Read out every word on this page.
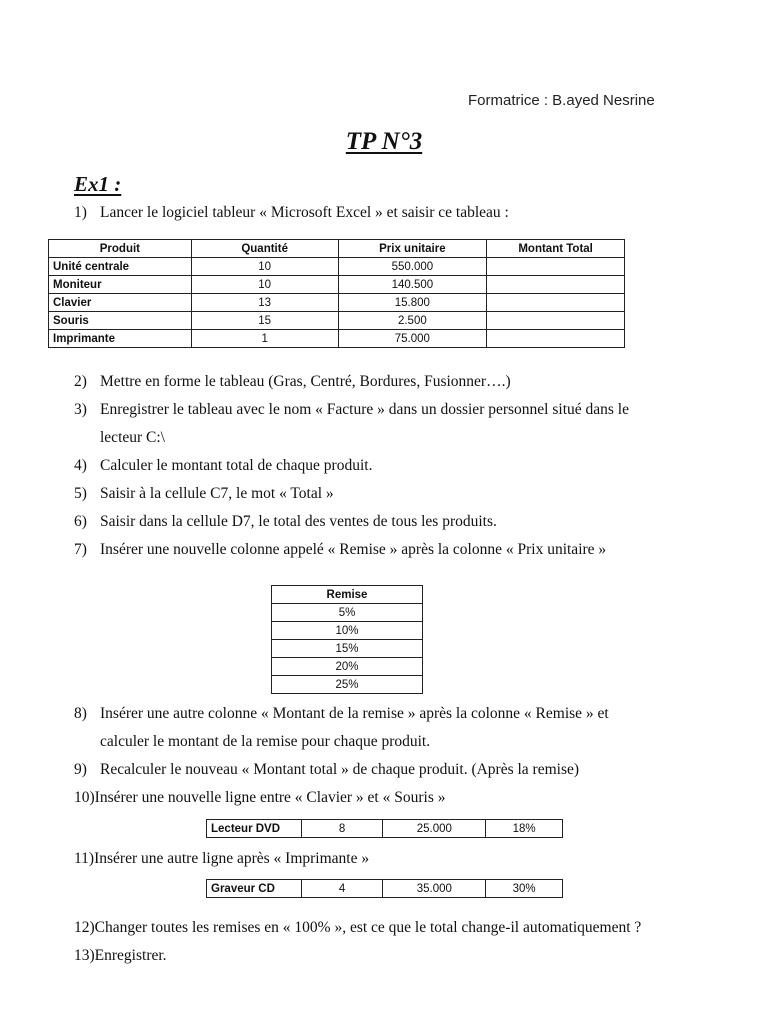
Formatrice : B.ayed Nesrine
TP N°3
Ex1 :
1) Lancer le logiciel tableur « Microsoft Excel » et saisir ce tableau :
Produit	Quantité	Prix unitaire	Montant Total
Unité centrale	10	550.000	
Moniteur	10	140.500	
Clavier	13	15.800	
Souris	15	2.500	
Imprimante	1	75.000	
2) Mettre en forme le tableau (Gras, Centré, Bordures, Fusionner….)
3) Enregistrer le tableau avec le nom « Facture » dans un dossier personnel situé dans le
lecteur C:\
4) Calculer le montant total de chaque produit.
5) Saisir à la cellule C7, le mot « Total »
6) Saisir dans la cellule D7, le total des ventes de tous les produits.
7) Insérer une nouvelle colonne appelé « Remise » après la colonne « Prix unitaire »
Remise
5%
10%
15%
20%
25%
8) Insérer une autre colonne « Montant de la remise » après la colonne « Remise » et
calculer le montant de la remise pour chaque produit.
9) Recalculer le nouveau « Montant total » de chaque produit. (Après la remise)
10)Insérer une nouvelle ligne entre « Clavier » et « Souris »
Lecteur DVD	8	25.000	18%
11)Insérer une autre ligne après « Imprimante »
Graveur CD	4	35.000	30%
12)Changer toutes les remises en « 100% », est ce que le total change-il automatiquement ?
13)Enregistrer.
